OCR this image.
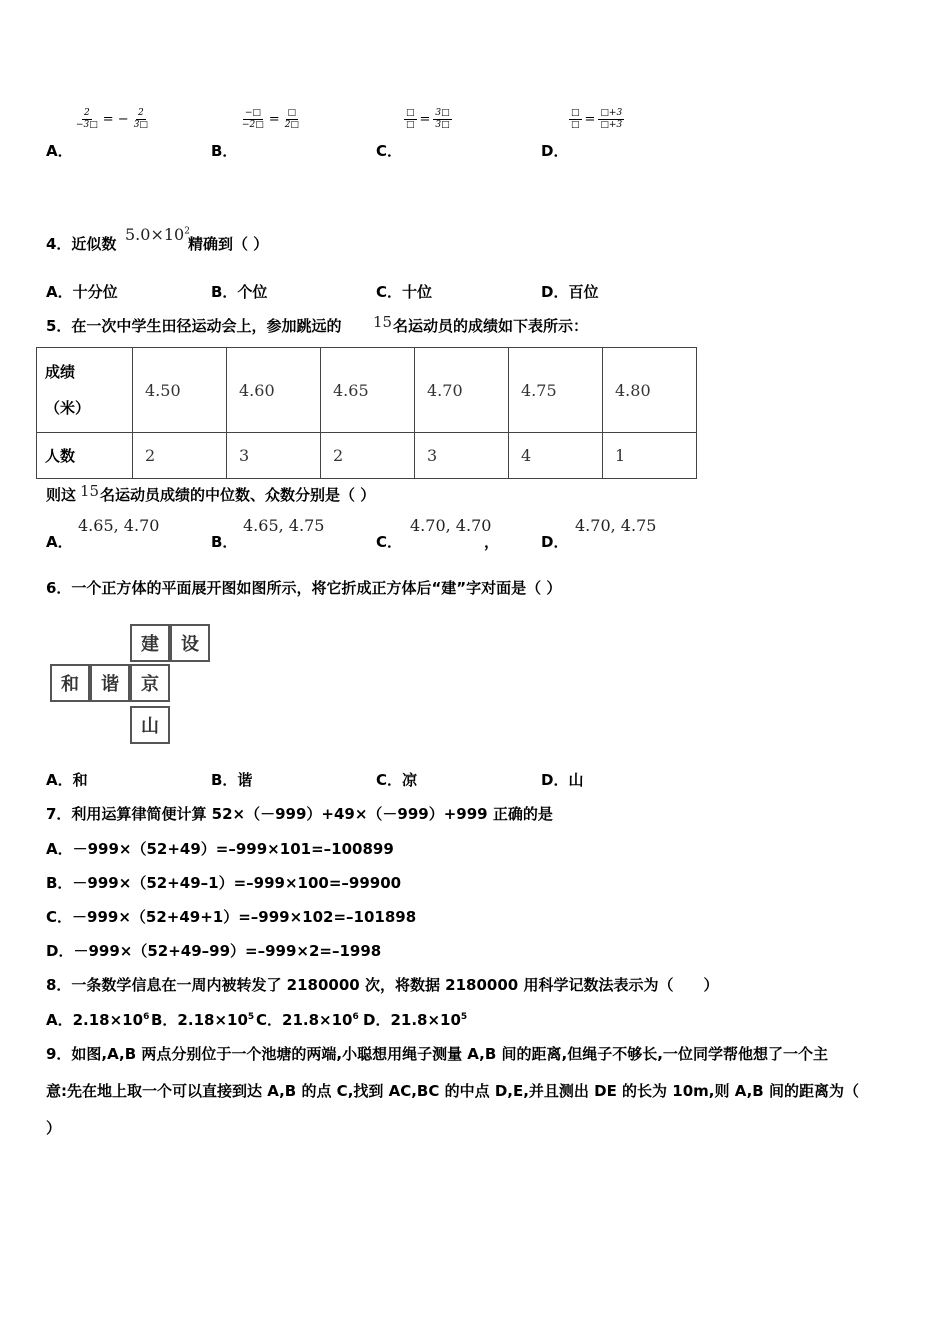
$\frac{2}{-3□}$ = − $\frac{2}{3□}$
A．
$\frac{-□}{-2□} = \frac{□}{2□}$
B．
$\frac{□}{□} = \frac{3□}{3□}$
C．
$\frac{□}{□} = \frac{□+3}{□+3}$
D．
4．近似数 $5.0\times 10^2$
精确到（ ）
A．十分位	B．个位	C．十位	D．百位
5．在一次中学生田径运动会上，参加跳远的 15 名运动员的成绩如下表所示：
成绩
（米）	4.50	4.60	4.65	4.70	4.75	4.80
人数	2	3	2	3	4	1
则这 15 名运动员成绩的中位数、众数分别是（ ）
A．
4.65, 4.70
B．
4.65, 4.75
C．
4.70, 4.70
，	D．
4.70, 4.75
6．一个正方体的平面展开图如图所示，将它折成正方体后“建”字对面是（ ）
建	设
和	谐	京
山
A．和	B．谐	C．凉	D．山
7．利用运算律简便计算 52×（－999）+49×（－999）+999 正确的是
A．－999×（52+49）=–999×101=–100899
B．－999×（52+49–1）=–999×100=–99900
C．－999×（52+49+1）=–999×102=–101898
D．－999×（52+49–99）=–999×2=–1998
8．一条数学信息在一周内被转发了 2180000 次，将数据 2180000 用科学记数法表示为（　　）
A．$2.18\times 10^6$ B．$2.18\times 10^5$ C．$21.8\times 10^6$ D．$21.8\times 10^5$
9．如图,A,B 两点分别位于一个池塘的两端,小聪想用绳子测量 A,B 间的距离,但绳子不够长,一位同学帮他想了一个主
意:先在地上取一个可以直接到达 A,B 的点 C,找到 AC,BC 的中点 D,E,并且测出 DE 的长为 10m,则 A,B 间的距离为（
）
